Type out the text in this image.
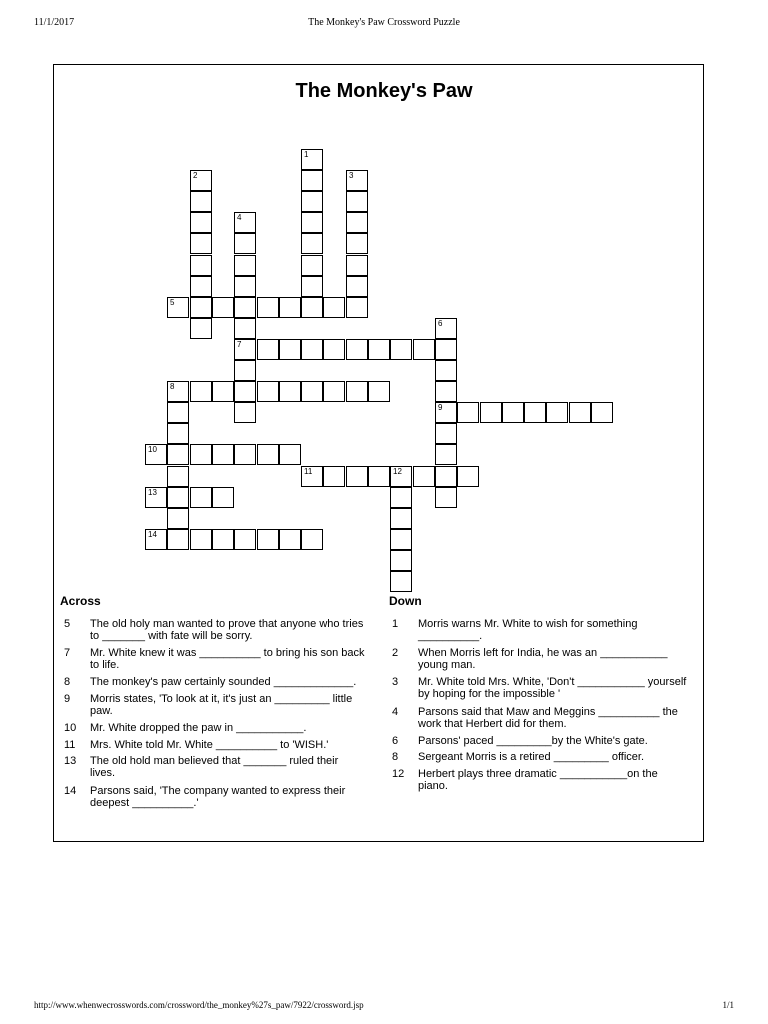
11/1/2017	The Monkey's Paw Crossword Puzzle
The Monkey's Paw
1
2	3
4
7
5
6
9
8
10
11	12
13
14
Across
5	The old holy man wanted to prove that anyone who tries to _______ with fate will be sorry.
7	Mr. White knew it was __________ to bring his son back to life.
8	The monkey's paw certainly sounded _____________.
9	Morris states, 'To look at it, it's just an _________ little paw.
10	Mr. White dropped the paw in ___________.
11	Mrs. White told Mr. White __________ to 'WISH.'
13	The old hold man believed that _______ ruled their lives.
14	Parsons said, 'The company wanted to express their deepest __________.'
Down
1	Morris warns Mr. White to wish for something __________.
2	When Morris left for India, he was an ___________ young man.
3	Mr. White told Mrs. White, 'Don't ___________ yourself by hoping for the impossible '
4	Parsons said that Maw and Meggins __________ the work that Herbert did for them.
6	Parsons' paced _________by the White's gate.
8	Sergeant Morris is a retired _________ officer.
12	Herbert plays three dramatic ___________on the piano.
http://www.whenwecrosswords.com/crossword/the_monkey%27s_paw/7922/crossword.jsp	1/1
